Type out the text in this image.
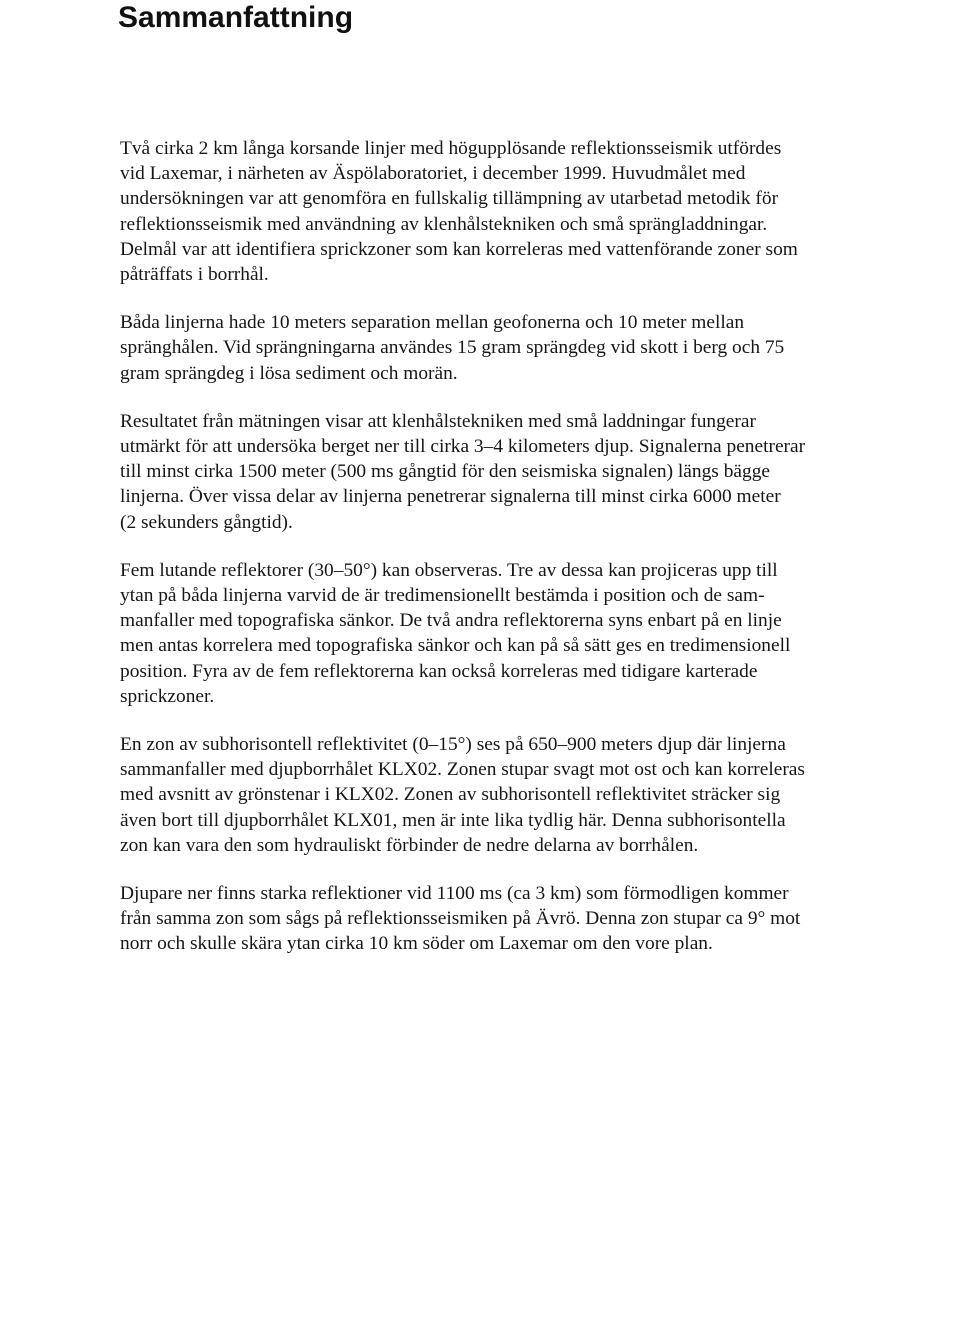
Sammanfattning

Två cirka 2 km långa korsande linjer med högupplösande reflektionsseismik utfördes
vid Laxemar, i närheten av Äspölaboratoriet, i december 1999. Huvudmålet med
undersökningen var att genomföra en fullskalig tillämpning av utarbetad metodik för
reflektionsseismik med användning av klenhålstekniken och små sprängladdningar.
Delmål var att identifiera sprickzoner som kan korreleras med vattenförande zoner som
påträffats i borrhål.

Båda linjerna hade 10 meters separation mellan geofonerna och 10 meter mellan
spränghålen. Vid sprängningarna användes 15 gram sprängdeg vid skott i berg och 75
gram sprängdeg i lösa sediment och morän.

Resultatet från mätningen visar att klenhålstekniken med små laddningar fungerar
utmärkt för att undersöka berget ner till cirka 3–4 kilometers djup. Signalerna penetrerar
till minst cirka 1500 meter (500 ms gångtid för den seismiska signalen) längs bägge
linjerna. Över vissa delar av linjerna penetrerar signalerna till minst cirka 6000 meter
(2 sekunders gångtid).

Fem lutande reflektorer (30–50°) kan observeras. Tre av dessa kan projiceras upp till
ytan på båda linjerna varvid de är tredimensionellt bestämda i position och de sam-
manfaller med topografiska sänkor. De två andra reflektorerna syns enbart på en linje
men antas korrelera med topografiska sänkor och kan på så sätt ges en tredimensionell
position. Fyra av de fem reflektorerna kan också korreleras med tidigare karterade
sprickzoner.

En zon av subhorisontell reflektivitet (0–15°) ses på 650–900 meters djup där linjerna
sammanfaller med djupborrhålet KLX02. Zonen stupar svagt mot ost och kan korreleras
med avsnitt av grönstenar i KLX02. Zonen av subhorisontell reflektivitet sträcker sig
även bort till djupborrhålet KLX01, men är inte lika tydlig här. Denna subhorisontella
zon kan vara den som hydrauliskt förbinder de nedre delarna av borrhålen.

Djupare ner finns starka reflektioner vid 1100 ms (ca 3 km) som förmodligen kommer
från samma zon som sågs på reflektionsseismiken på Ävrö. Denna zon stupar ca 9° mot
norr och skulle skära ytan cirka 10 km söder om Laxemar om den vore plan.
